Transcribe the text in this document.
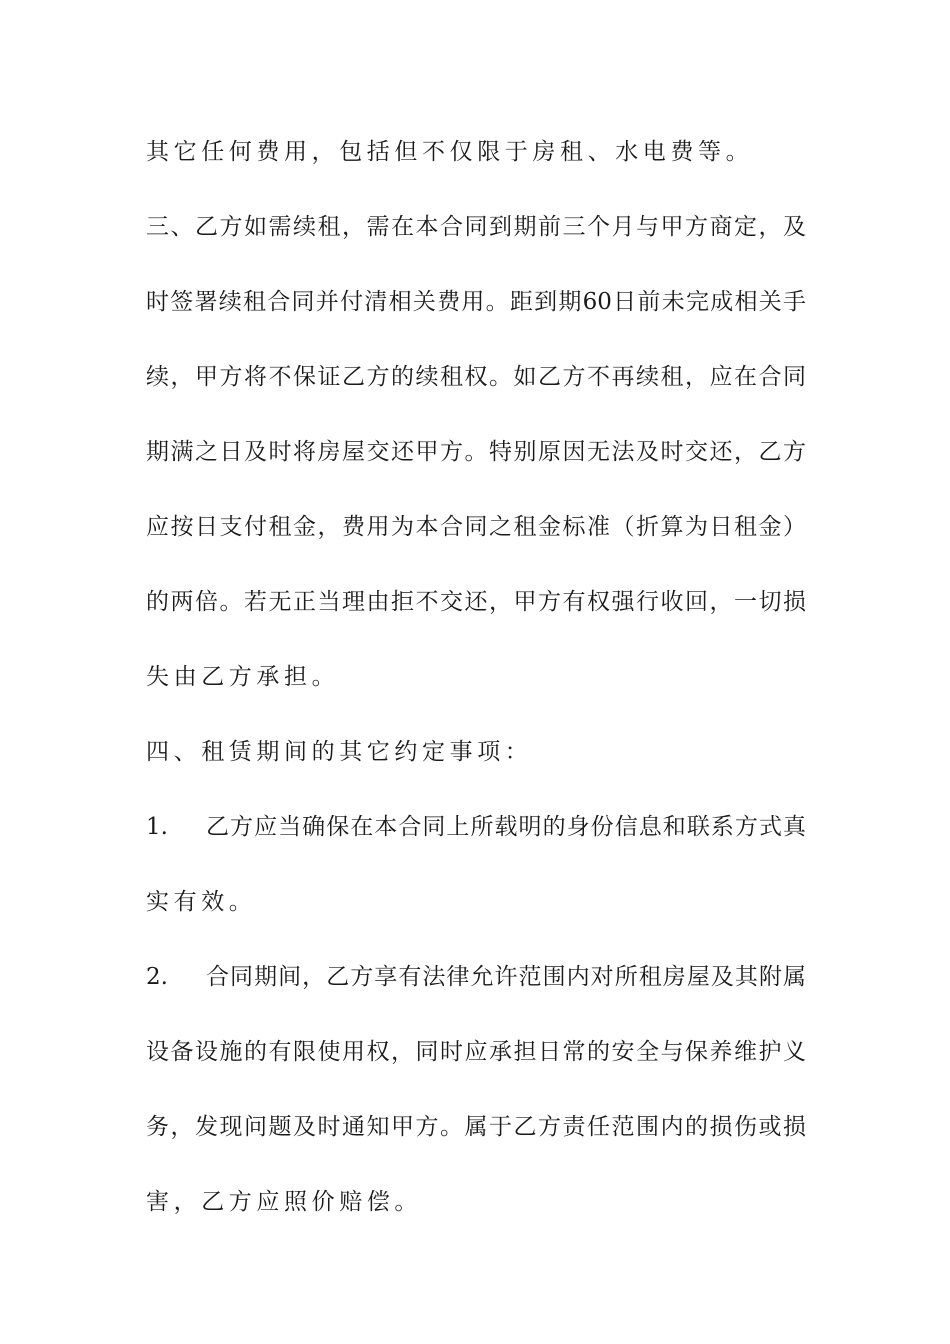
其它任何费用，包括但不仅限于房租、水电费等。
三、乙方如需续租，需在本合同到期前三个月与甲方商定，及
时签署续租合同并付清相关费用。距到期60日前未完成相关手
续，甲方将不保证乙方的续租权。如乙方不再续租，应在合同
期满之日及时将房屋交还甲方。特别原因无法及时交还，乙方
应按日支付租金，费用为本合同之租金标准（折算为日租金）
的两倍。若无正当理由拒不交还，甲方有权强行收回，一切损
失由乙方承担。
四、租赁期间的其它约定事项：
1.	乙方应当确保在本合同上所载明的身份信息和联系方式真
实有效。
2.	合同期间，乙方享有法律允许范围内对所租房屋及其附属
设备设施的有限使用权，同时应承担日常的安全与保养维护义
务，发现问题及时通知甲方。属于乙方责任范围内的损伤或损
害，乙方应照价赔偿。
